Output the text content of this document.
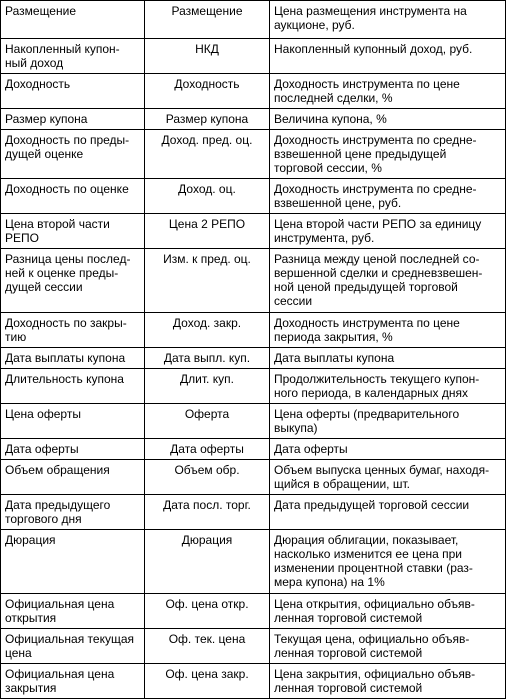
Размещение	Размещение	Цена размещения инструмента на
аукционе, руб.
Накопленный купон-
ный доход	НКД	Накопленный купонный доход, руб.
Доходность	Доходность	Доходность инструмента по цене
последней сделки, %
Размер купона	Размер купона	Величина купона, %
Доходность по преды-
дущей оценке	Доход. пред. оц.	Доходность инструмента по средне-
взвешенной цене предыдущей
торговой сессии, %
Доходность по оценке	Доход. оц.	Доходность инструмента по средне-
взвешенной цене, руб.
Цена второй части
РЕПО	Цена 2 РЕПО	Цена второй части РЕПО за единицу
инструмента, руб.
Разница цены послед-
ней к оценке преды-
дущей сессии	Изм. к пред. оц.	Разница между ценой последней со-
вершенной сделки и средневзвешен-
ной ценой предыдущей торговой
сессии
Доходность по закры-
тию	Доход. закр.	Доходность инструмента по цене
периода закрытия, %
Дата выплаты купона	Дата выпл. куп.	Дата выплаты купона
Длительность купона	Длит. куп.	Продолжительность текущего купон-
ного периода, в календарных днях
Цена оферты	Оферта	Цена оферты (предварительного
выкупа)
Дата оферты	Дата оферты	Дата оферты
Объем обращения	Объем обр.	Объем выпуска ценных бумаг, находя-
щийся в обращении, шт.
Дата предыдущего
торгового дня	Дата посл. торг.	Дата предыдущей торговой сессии
Дюрация	Дюрация	Дюрация облигации, показывает,
насколько изменится ее цена при
изменении процентной ставки (раз-
мера купона) на 1%
Официальная цена
открытия	Оф. цена откр.	Цена открытия, официально объяв-
ленная торговой системой
Официальная текущая
цена	Оф. тек. цена	Текущая цена, официально объяв-
ленная торговой системой
Официальная цена
закрытия	Оф. цена закр.	Цена закрытия, официально объяв-
ленная торговой системой
